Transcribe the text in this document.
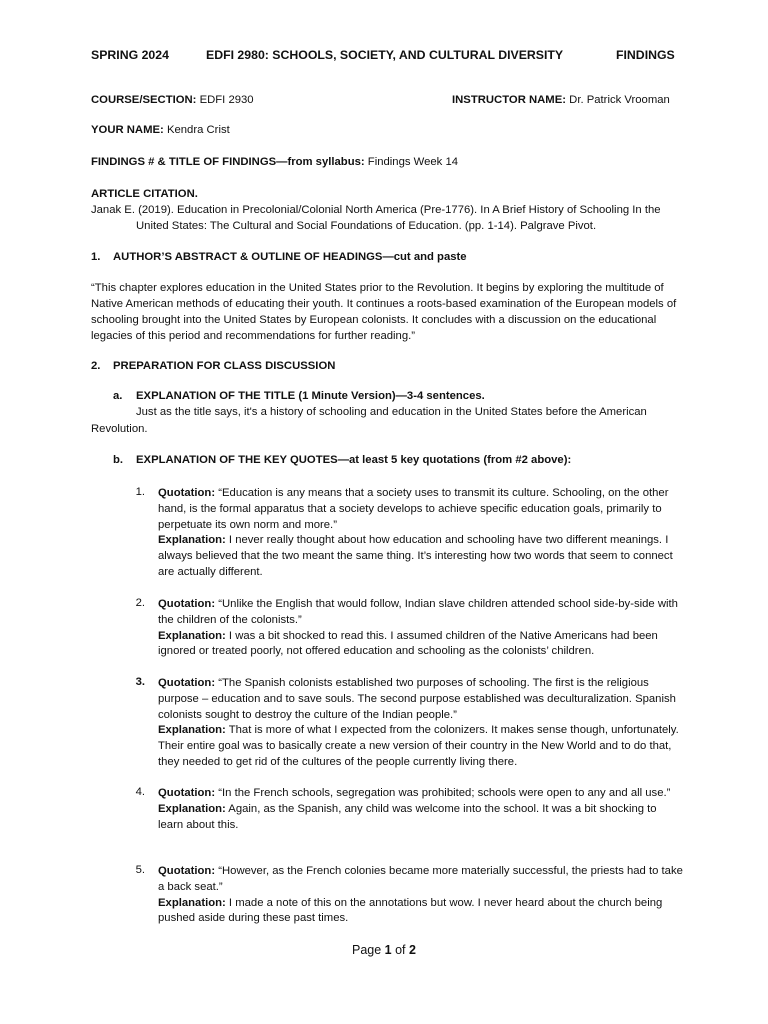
SPRING 2024	EDFI 2980: SCHOOLS, SOCIETY, AND CULTURAL DIVERSITY	FINDINGS
COURSE/SECTION: EDFI 2930	INSTRUCTOR NAME: Dr. Patrick Vrooman
YOUR NAME: Kendra Crist
FINDINGS # & TITLE OF FINDINGS—from syllabus: Findings Week 14
ARTICLE CITATION.
Janak E. (2019). Education in Precolonial/Colonial North America (Pre-1776). In A Brief History of Schooling In the
United States: The Cultural and Social Foundations of Education. (pp. 1-14). Palgrave Pivot.
1. AUTHOR’S ABSTRACT & OUTLINE OF HEADINGS—cut and paste
“This chapter explores education in the United States prior to the Revolution. It begins by exploring the multitude of Native American methods of educating their youth. It continues a roots-based examination of the European models of schooling brought into the United States by European colonists. It concludes with a discussion on the educational legacies of this period and recommendations for further reading.”
2. PREPARATION FOR CLASS DISCUSSION
a. EXPLANATION OF THE TITLE (1 Minute Version)—3-4 sentences.
Just as the title says, it's a history of schooling and education in the United States before the American
Revolution.
b. EXPLANATION OF THE KEY QUOTES—at least 5 key quotations (from #2 above):
1. Quotation: “Education is any means that a society uses to transmit its culture. Schooling, on the other hand, is the formal apparatus that a society develops to achieve specific education goals, primarily to perpetuate its own norm and more.”
Explanation: I never really thought about how education and schooling have two different meanings. I always believed that the two meant the same thing. It’s interesting how two words that seem to connect are actually different.
2. Quotation: “Unlike the English that would follow, Indian slave children attended school side-by-side with the children of the colonists.”
Explanation: I was a bit shocked to read this. I assumed children of the Native Americans had been ignored or treated poorly, not offered education and schooling as the colonists’ children.
3. Quotation: “The Spanish colonists established two purposes of schooling. The first is the religious purpose – education and to save souls. The second purpose established was deculturalization. Spanish colonists sought to destroy the culture of the Indian people.”
Explanation: That is more of what I expected from the colonizers. It makes sense though, unfortunately. Their entire goal was to basically create a new version of their country in the New World and to do that, they needed to get rid of the cultures of the people currently living there.
4. Quotation: “In the French schools, segregation was prohibited; schools were open to any and all use.”
Explanation: Again, as the Spanish, any child was welcome into the school. It was a bit shocking to learn about this.
5. Quotation: “However, as the French colonies became more materially successful, the priests had to take a back seat.”
Explanation: I made a note of this on the annotations but wow. I never heard about the church being pushed aside during these past times.
Page 1 of 2
